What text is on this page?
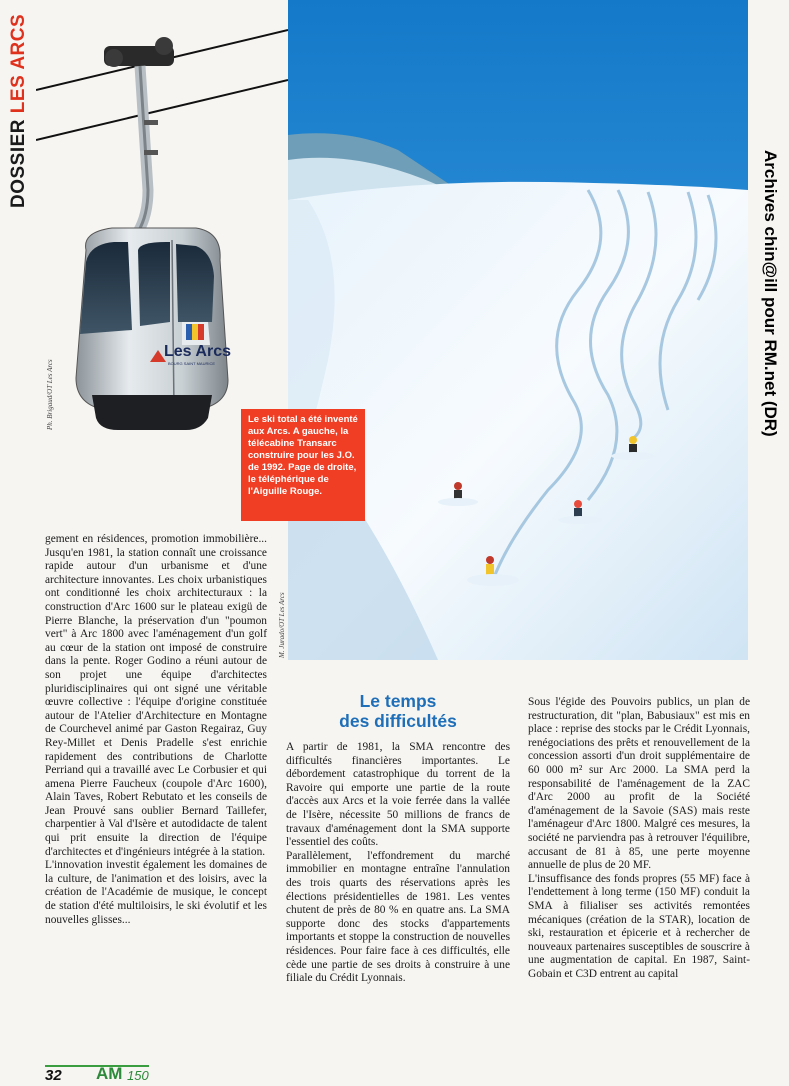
DOSSIER LES ARCS
Les Arcs
BOURG SAINT MAURICE
Ph. Brigaud/OT Les Arcs
M. Jurado/OT Les Arcs
Le ski total a été inventé aux Arcs. A gauche, la télécabine Transarc construire pour les J.O. de 1992. Page de droite, le téléphérique de l'Aiguille Rouge.
Archives chin@ill pour RM.net (DR)

gement en résidences, promotion immobilière... Jusqu'en 1981, la station connaît une croissance rapide autour d'un urbanisme et d'une architecture innovantes. Les choix urbanistiques ont conditionné les choix architecturaux : la construction d'Arc 1600 sur le plateau exigü de Pierre Blanche, la préservation d'un "poumon vert" à Arc 1800 avec l'aménagement d'un golf au cœur de la station ont imposé de construire dans la pente. Roger Godino a réuni autour de son projet une équipe d'architectes pluridisciplinaires qui ont signé une véritable œuvre collective : l'équipe d'origine constituée autour de l'Atelier d'Architecture en Montagne de Courchevel animé par Gaston Regairaz, Guy Rey-Millet et Denis Pradelle s'est enrichie rapidement des contributions de Charlotte Perriand qui a travaillé avec Le Corbusier et qui amena Pierre Faucheux (coupole d'Arc 1600), Alain Taves, Robert Rebutato et les conseils de Jean Prouvé sans oublier Bernard Taillefer, charpentier à Val d'Isère et autodidacte de talent qui prit ensuite la direction de l'équipe d'architectes et d'ingénieurs intégrée à la station.

L'innovation investit également les domaines de la culture, de l'animation et des loisirs, avec la création de l'Académie de musique, le concept de station d'été multiloisirs, le ski évolutif et les nouvelles glisses...

Le temps
des difficultés

A partir de 1981, la SMA rencontre des difficultés financières importantes. Le débordement catastrophique du torrent de la Ravoire qui emporte une partie de la route d'accès aux Arcs et la voie ferrée dans la vallée de l'Isère, nécessite 50 millions de francs de travaux d'aménagement dont la SMA supporte l'essentiel des coûts.

Parallèlement, l'effondrement du marché immobilier en montagne entraîne l'annulation des trois quarts des réservations après les élections présidentielles de 1981. Les ventes chutent de près de 80 % en quatre ans. La SMA supporte donc des stocks d'appartements importants et stoppe la construction de nouvelles résidences. Pour faire face à ces difficultés, elle cède une partie de ses droits à construire à une filiale du Crédit Lyonnais.

Sous l'égide des Pouvoirs publics, un plan de restructuration, dit "plan, Babusiaux" est mis en place : reprise des stocks par le Crédit Lyonnais, renégociations des prêts et renouvellement de la concession assorti d'un droit supplémentaire de 60 000 m² sur Arc 2000. La SMA perd la responsabilité de l'aménagement de la ZAC d'Arc 2000 au profit de la Société d'aménagement de la Savoie (SAS) mais reste l'aménageur d'Arc 1800. Malgré ces mesures, la société ne parviendra pas à retrouver l'équilibre, accusant de 81 à 85, une perte moyenne annuelle de plus de 20 MF.

L'insuffisance des fonds propres (55 MF) face à l'endettement à long terme (150 MF) conduit la SMA à filialiser ses activités remontées mécaniques (création de la STAR), location de ski, restauration et épicerie et à rechercher de nouveaux partenaires susceptibles de souscrire à une augmentation de capital. En 1987, Saint-Gobain et C3D entrent au capital

32 AM 150
